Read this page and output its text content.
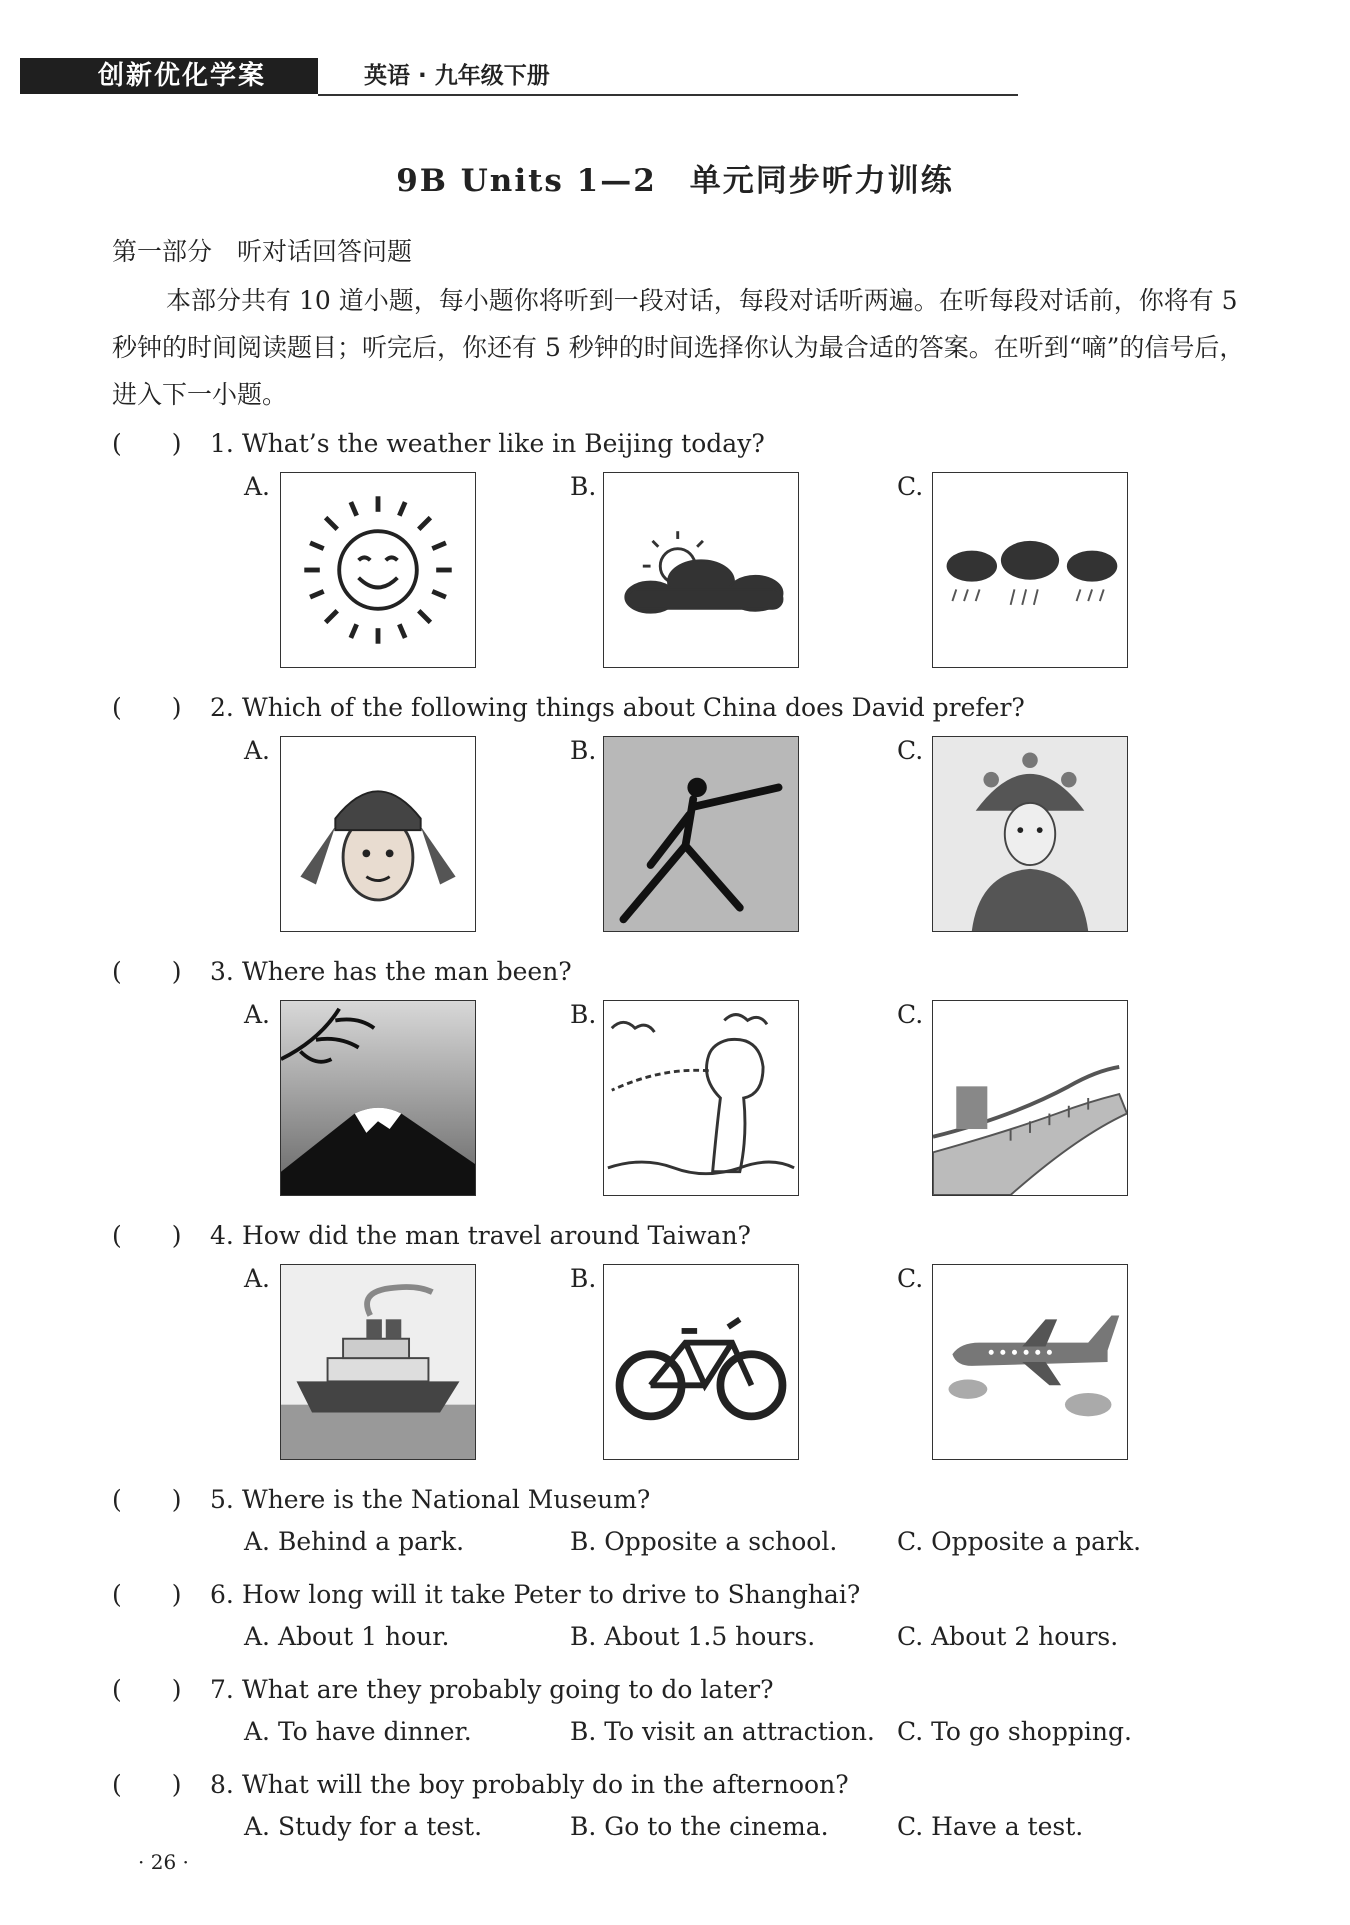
创新优化学案	英语 · 九年级下册
9B Units 1—2　单元同步听力训练
第一部分　听对话回答问题
本部分共有 10 道小题，每小题你将听到一段对话，每段对话听两遍。在听每段对话前，你将有 5 秒钟的时间阅读题目；听完后，你还有 5 秒钟的时间选择你认为最合适的答案。在听到“嘀”的信号后，进入下一小题。
(　　) 1. What’s the weather like in Beijing today?
A.	B.	C.
(　　) 2. Which of the following things about China does David prefer?
A.	B.	C.
(　　) 3. Where has the man been?
A.	B.	C.
(　　) 4. How did the man travel around Taiwan?
A.	B.	C.
(　　) 5. Where is the National Museum?
A. Behind a park.	B. Opposite a school. C. Opposite a park.
(　　) 6. How long will it take Peter to drive to Shanghai?
A. About 1 hour.	B. About 1.5 hours.	C. About 2 hours.
(　　) 7. What are they probably going to do later?
A. To have dinner.	B. To visit an attraction. C. To go shopping.
(　　) 8. What will the boy probably do in the afternoon?
A. Study for a test.	B. Go to the cinema.	C. Have a test.
· 26 ·
